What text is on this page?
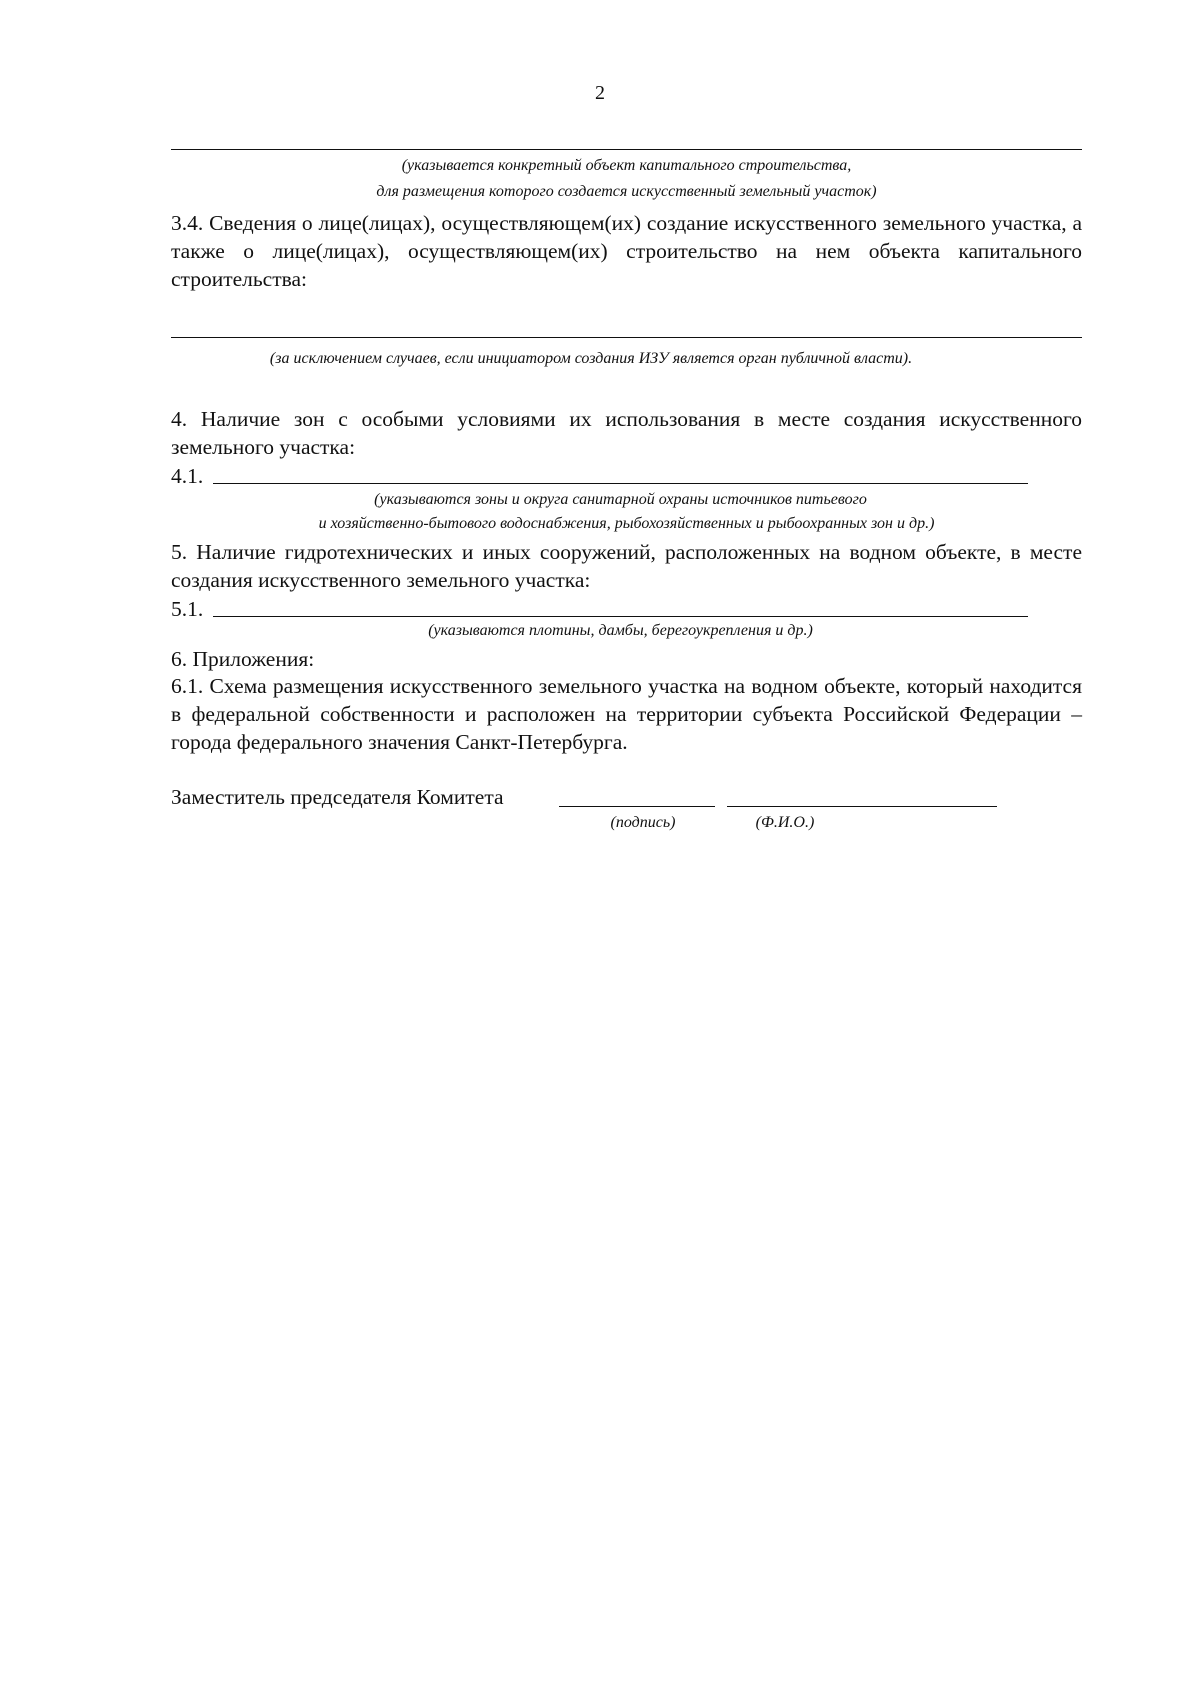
2
(указывается конкретный объект капитального строительства,
для размещения которого создается искусственный земельный участок)
3.4. Сведения о лице(лицах), осуществляющем(их) создание искусственного земельного участка, а также о лице(лицах), осуществляющем(их) строительство на нем объекта капитального строительства:
(за исключением случаев, если инициатором создания ИЗУ является орган публичной власти).
4. Наличие зон с особыми условиями их использования в месте создания искусственного земельного участка:
4.1.
(указываются зоны и округа санитарной охраны источников питьевого
и хозяйственно-бытового водоснабжения, рыбохозяйственных и рыбоохранных зон и др.)
5. Наличие гидротехнических и иных сооружений, расположенных на водном объекте, в месте создания искусственного земельного участка:
5.1.
(указываются плотины, дамбы, берегоукрепления и др.)
6. Приложения:
6.1. Схема размещения искусственного земельного участка на водном объекте, который находится в федеральной собственности и расположен на территории субъекта Российской Федерации – города федерального значения Санкт-Петербурга.
Заместитель председателя Комитета
(подпись)	(Ф.И.О.)
